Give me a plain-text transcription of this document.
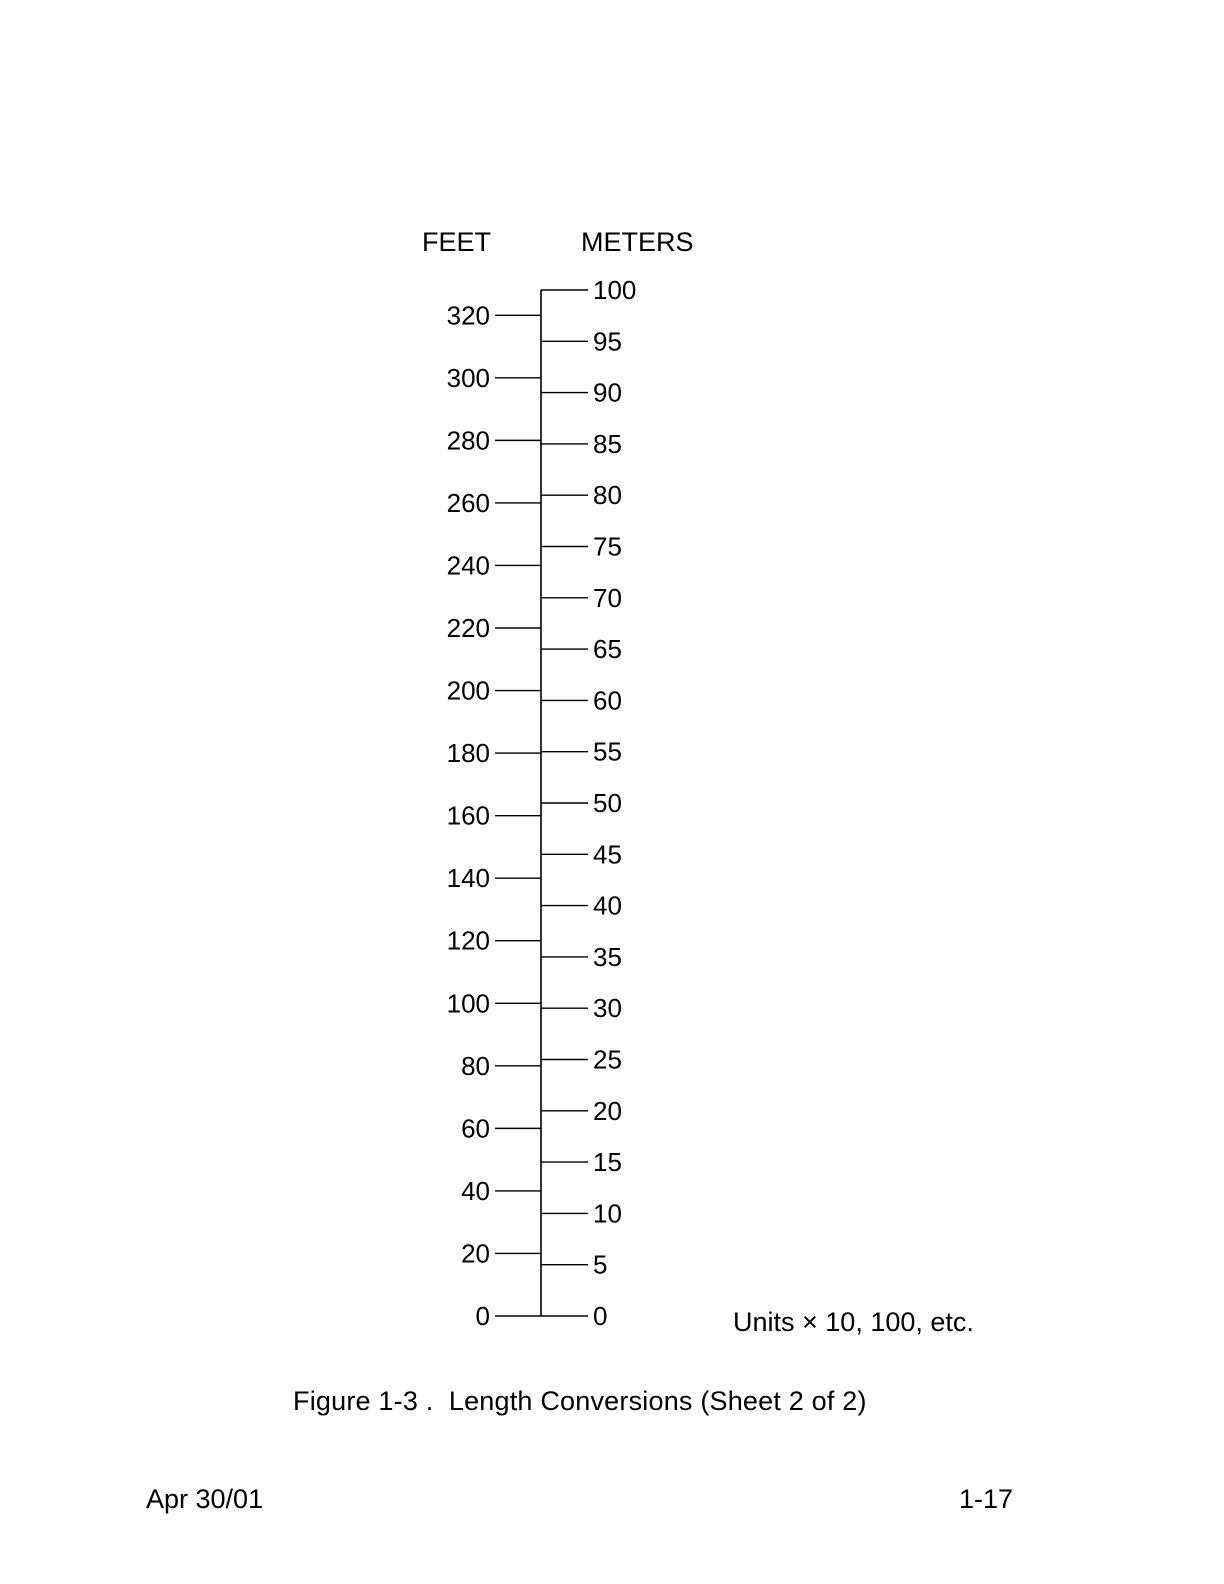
FEET	METERS
0
20
40
60
80
100
120
140
160
180
200
220
240
260
280
300
320
0
5
10
15
20
25
30
35
40
45
50
55
60
65
70
75
80
85
90
95
100
Units × 10, 100, etc.
Figure 1-3 .  Length Conversions (Sheet 2 of 2)
Apr 30/01	1-17
